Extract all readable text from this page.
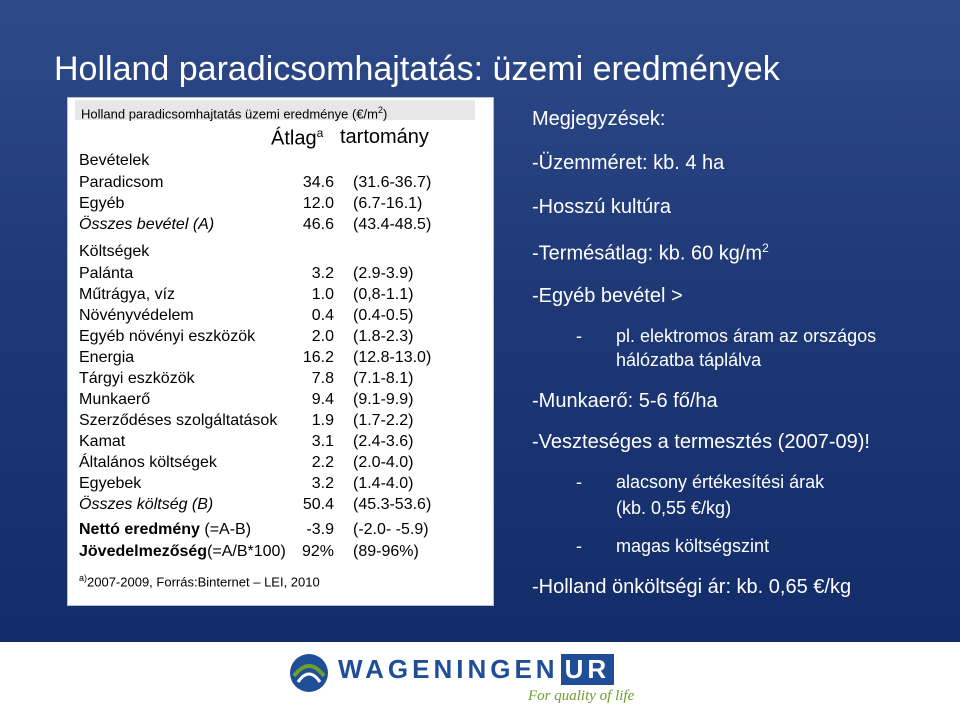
Holland paradicsomhajtatás: üzemi eredmények
Holland paradicsomhajtatás üzemi eredménye $(€/m^2)$
Átlag$^a$ tartomány
Bevételek
Paradicsom	34.6 (31.6-36.7)
Egyéb	12.0 (6.7-16.1)
Összes bevétel (A)	46.6 (43.4-48.5)
Költségek
Palánta	3.2 (2.9-3.9)
Műtrágya, víz	1.0 (0,8-1.1)
Növényvédelem	0.4 (0.4-0.5)
Egyéb növényi eszközök	2.0 (1.8-2.3)
Energia	16.2 (12.8-13.0)
Tárgyi eszközök	7.8 (7.1-8.1)
Munkaerő	9.4 (9.1-9.9)
Szerződéses szolgáltatások	1.9 (1.7-2.2)
Kamat	3.1 (2.4-3.6)
Általános költségek	2.2 (2.0-4.0)
Egyebek	3.2 (1.4-4.0)
Összes költség (B)	50.4 (45.3-53.6)
Nettó eredmény (=A-B)	-3.9 (-2.0- -5.9)
Jövedelmezőség(=A/B*100)	92% (89-96%)
$^{a)}$2007-2009, Forrás:Binternet – LEI, 2010
Megjegyzések:
-Üzemméret: kb. 4 ha
-Hosszú kultúra
-Termésátlag: kb. 60 $kg/m^2$
-Egyéb bevétel >
- pl. elektromos áram az országos
hálózatba táplálva
-Munkaerő: 5-6 fő/ha
-Veszteséges a termesztés (2007-09)!
- alacsony értékesítési árak
(kb. 0,55 €/kg)
- magas költségszint
-Holland önköltségi ár: kb. 0,65 €/kg
WAGENINGEN UR
For quality of life
